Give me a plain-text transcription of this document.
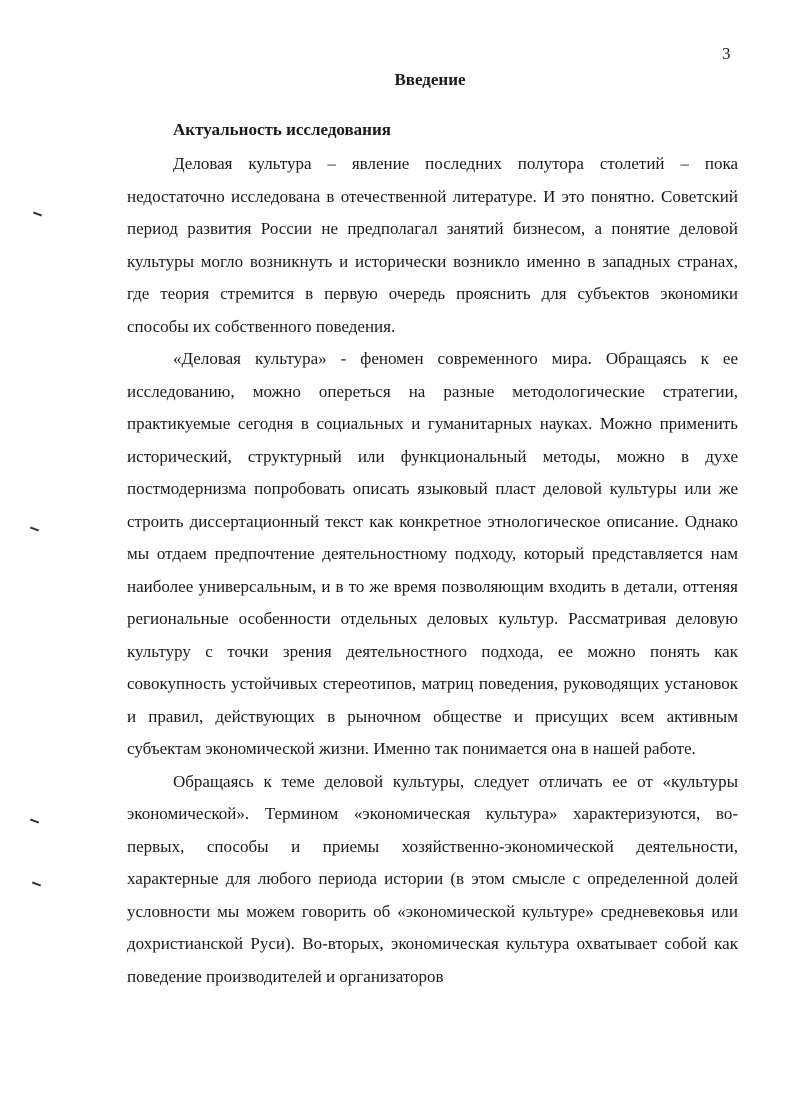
3
Введение
Актуальность исследования

Деловая культура – явление последних полутора столетий – пока недостаточно исследована в отечественной литературе. И это понятно. Советский период развития России не предполагал занятий бизнесом, а понятие деловой культуры могло возникнуть и исторически возникло именно в западных странах, где теория стремится в первую очередь прояснить для субъектов экономики способы их собственного поведения.

«Деловая культура» - феномен современного мира. Обращаясь к ее исследованию, можно опереться на разные методологические стратегии, практикуемые сегодня в социальных и гуманитарных науках. Можно применить исторический, структурный или функциональный методы, можно в духе постмодернизма попробовать описать языковый пласт деловой культуры или же строить диссертационный текст как конкретное этнологическое описание. Однако мы отдаем предпочтение деятельностному подходу, который представляется нам наиболее универсальным, и в то же время позволяющим входить в детали, оттеняя региональные особенности отдельных деловых культур. Рассматривая деловую культуру с точки зрения деятельностного подхода, ее можно понять как совокупность устойчивых стереотипов, матриц поведения, руководящих установок и правил, действующих в рыночном обществе и присущих всем активным субъектам экономической жизни. Именно так понимается она в нашей работе.

Обращаясь к теме деловой культуры, следует отличать ее от «культуры экономической». Термином «экономическая культура» характеризуются, во-первых, способы и приемы хозяйственно-экономической деятельности, характерные для любого периода истории (в этом смысле с определенной долей условности мы можем говорить об «экономической культуре» средневековья или дохристианской Руси). Во-вторых, экономическая культура охватывает собой как поведение производителей и организаторов
